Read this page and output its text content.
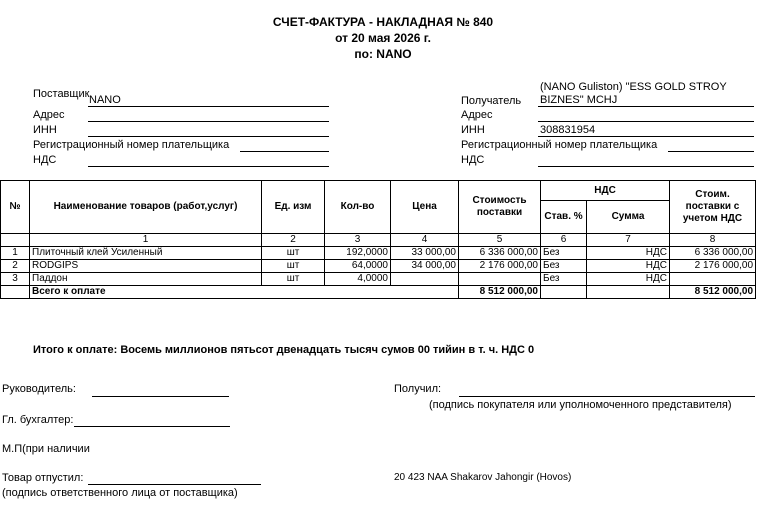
СЧЕТ-ФАКТУРА - НАКЛАДНАЯ № 840
от 20 мая 2026 г.
по: NANO
Поставщик NANO
Адрес
ИНН
Регистрационный номер плательщика
НДС
(NANO Guliston) "ESS GOLD STROY
Получатель BIZNES" MCHJ
Адрес
ИНН	308831954
Регистрационный номер плательщика
НДС
№	Наименование товаров (работ,услуг)	Ед. изм	Кол-во	Цена	Стоимость поставки	НДС		Стоим. поставки с учетом НДС
						Став. %	Сумма	
	1	2	3	4	5	6	7	8
1	Плиточный клей Усиленный	шт	192,0000	33 000,00	6 336 000,00	Без	НДС	6 336 000,00
2	RODGIPS	шт	64,0000	34 000,00	2 176 000,00	Без	НДС	2 176 000,00
3	Паддон	шт	4,0000			Без	НДС	
	Всего к оплате				8 512 000,00			8 512 000,00
Итого к оплате: Восемь миллионов пятьсот двенадцать тысяч сумов 00 тийин в т. ч. НДС 0
Руководитель:	Получил:
(подпись покупателя или уполномоченного представителя)
Гл. бухгалтер:
М.П(при наличии
Товар отпустил:
(подпись ответственного лица от поставщика)
20 423 NAA Shakarov Jahongir (Hovos)
